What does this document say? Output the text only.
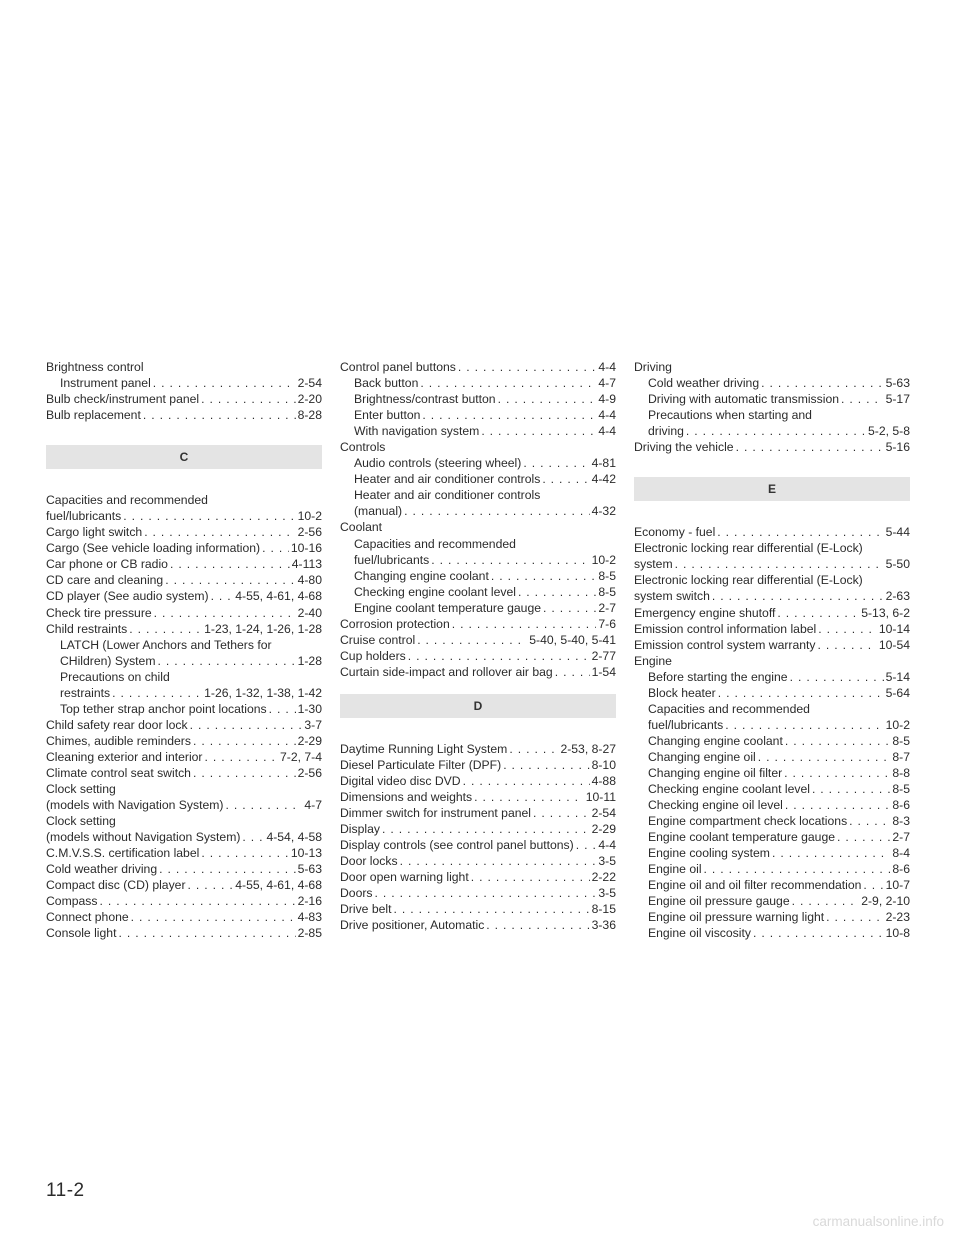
Brightness control
Instrument panel . . .	2-54
Bulb check/instrument panel . . .	2-20
Bulb replacement . . .	8-28
C
Capacities and recommended
fuel/lubricants . . .	10-2
Cargo light switch . . .	2-56
Cargo (See vehicle loading information) . . .	10-16
Car phone or CB radio . . .	4-113
CD care and cleaning . . .	4-80
CD player (See audio system) . . . 4-55, 4-61, 4-68
Check tire pressure . . .	2-40
Child restraints . . .	1-23, 1-24, 1-26, 1-28
LATCH (Lower Anchors and Tethers for
CHildren) System . . .	1-28
Precautions on child
restraints . . .	1-26, 1-32, 1-38, 1-42
Top tether strap anchor point locations . . .	1-30
Child safety rear door lock . . .	3-7
Chimes, audible reminders . . .	2-29
Cleaning exterior and interior . . .	7-2, 7-4
Climate control seat switch . . .	2-56
Clock setting
(models with Navigation System) . . .	4-7
Clock setting
(models without Navigation System) . . . 4-54, 4-58
C.M.V.S.S. certification label . . .	10-13
Cold weather driving . . .	5-63
Compact disc (CD) player . . .	4-55, 4-61, 4-68
Compass . . .	2-16
Connect phone . . .	4-83
Console light . . .	2-85
Control panel buttons . . .	4-4
Back button . . .	4-7
Brightness/contrast button . . .	4-9
Enter button . . .	4-4
With navigation system . . .	4-4
Controls
Audio controls (steering wheel) . . .	4-81
Heater and air conditioner controls . . .	4-42
Heater and air conditioner controls
(manual) . . .	4-32
Coolant
Capacities and recommended
fuel/lubricants . . .	10-2
Changing engine coolant . . .	8-5
Checking engine coolant level . . .	8-5
Engine coolant temperature gauge . . .	2-7
Corrosion protection . . .	7-6
Cruise control . . .	5-40, 5-40, 5-41
Cup holders . . .	2-77
Curtain side-impact and rollover air bag . . .	1-54
D
Daytime Running Light System . . .	2-53, 8-27
Diesel Particulate Filter (DPF) . . .	8-10
Digital video disc DVD . . .	4-88
Dimensions and weights . . .	10-11
Dimmer switch for instrument panel . . .	2-54
Display . . .	2-29
Display controls (see control panel buttons) . . . 4-4
Door locks . . .	3-5
Door open warning light . . .	2-22
Doors . . .	3-5
Drive belt . . .	8-15
Drive positioner, Automatic . . .	3-36
Driving
Cold weather driving . . .	5-63
Driving with automatic transmission . . .	5-17
Precautions when starting and
driving . . .	5-2, 5-8
Driving the vehicle . . .	5-16
E
Economy - fuel . . .	5-44
Electronic locking rear differential (E-Lock)
system . . .	5-50
Electronic locking rear differential (E-Lock)
system switch . . .	2-63
Emergency engine shutoff . . .	5-13, 6-2
Emission control information label . . .	10-14
Emission control system warranty . . .	10-54
Engine
Before starting the engine . . .	5-14
Block heater . . .	5-64
Capacities and recommended
fuel/lubricants . . .	10-2
Changing engine coolant . . .	8-5
Changing engine oil . . .	8-7
Changing engine oil filter . . .	8-8
Checking engine coolant level . . .	8-5
Checking engine oil level . . .	8-6
Engine compartment check locations . . .	8-3
Engine coolant temperature gauge . . .	2-7
Engine cooling system . . .	8-4
Engine oil . . .	8-6
Engine oil and oil filter recommendation . . . 10-7
Engine oil pressure gauge . . .	2-9, 2-10
Engine oil pressure warning light . . .	2-23
Engine oil viscosity . . .	10-8
11-2
carmanualsonline.info
